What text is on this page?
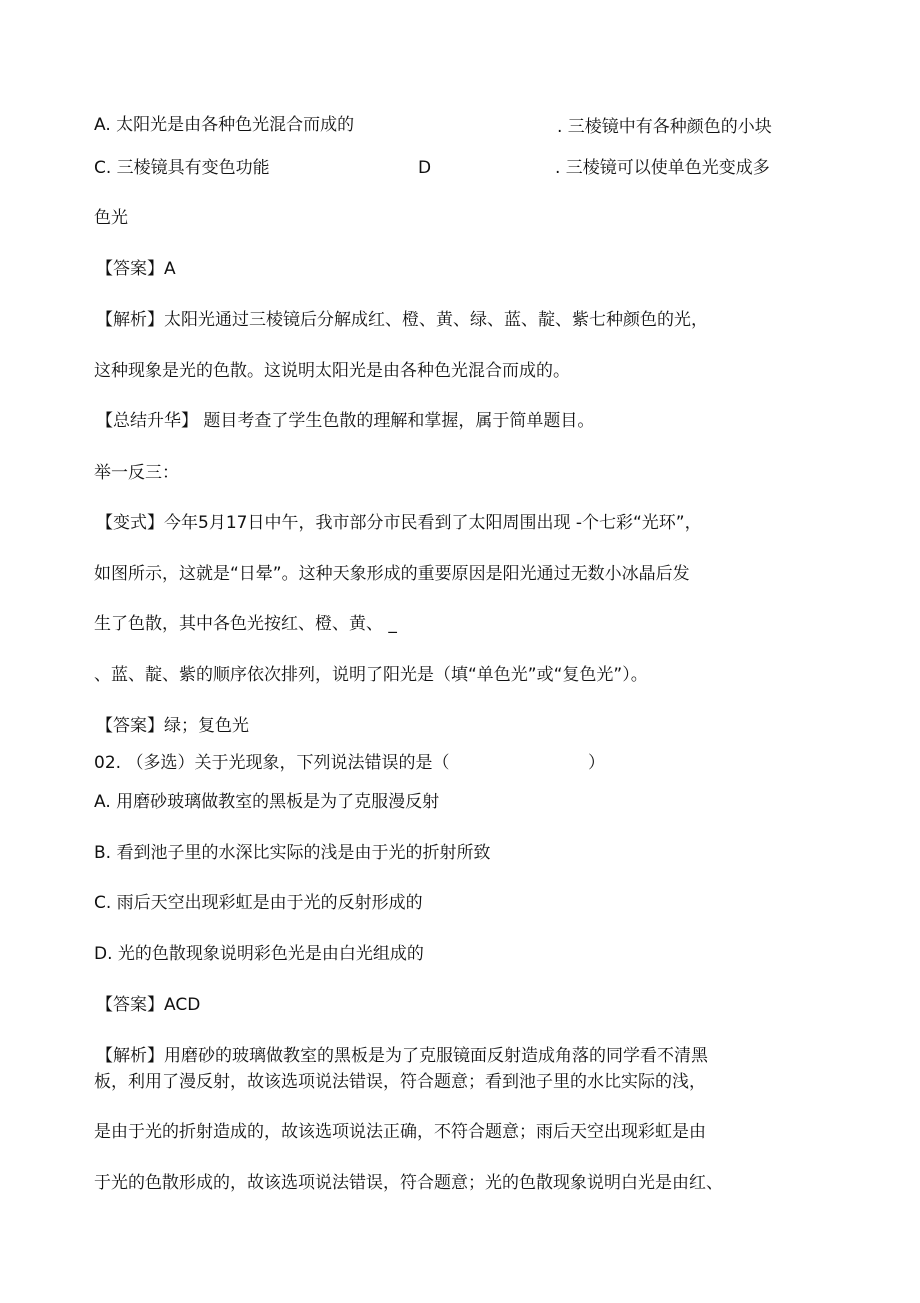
A. 太阳光是由各种色光混合而成的	. 三棱镜中有各种颜色的小块
C. 三棱镜具有变色功能	D	. 三棱镜可以使单色光变成多
色光
【答案】A
【解析】太阳光通过三棱镜后分解成红、橙、黄、绿、蓝、靛、紫七种颜色的光，
这种现象是光的色散。这说明太阳光是由各种色光混合而成的。
【总结升华】 题目考查了学生色散的理解和掌握，属于简单题目。
举一反三：
【变式】今年5月17日中午，我市部分市民看到了太阳周围出现 -个七彩“光环”，
如图所示，这就是“日晕”。这种天象形成的重要原因是阳光通过无数小冰晶后发
生了色散，其中各色光按红、橙、黄、 _
、蓝、靛、紫的顺序依次排列，说明了阳光是（填“单色光”或“复色光”）。
【答案】绿；复色光
02. （多选）关于光现象，下列说法错误的是（	）
A. 用磨砂玻璃做教室的黑板是为了克服漫反射
B. 看到池子里的水深比实际的浅是由于光的折射所致
C. 雨后天空出现彩虹是由于光的反射形成的
D. 光的色散现象说明彩色光是由白光组成的
【答案】ACD
【解析】用磨砂的玻璃做教室的黑板是为了克服镜面反射造成角落的同学看不清黑
板，利用了漫反射，故该选项说法错误，符合题意；看到池子里的水比实际的浅，
是由于光的折射造成的，故该选项说法正确，不符合题意；雨后天空出现彩虹是由
于光的色散形成的，故该选项说法错误，符合题意；光的色散现象说明白光是由红、
